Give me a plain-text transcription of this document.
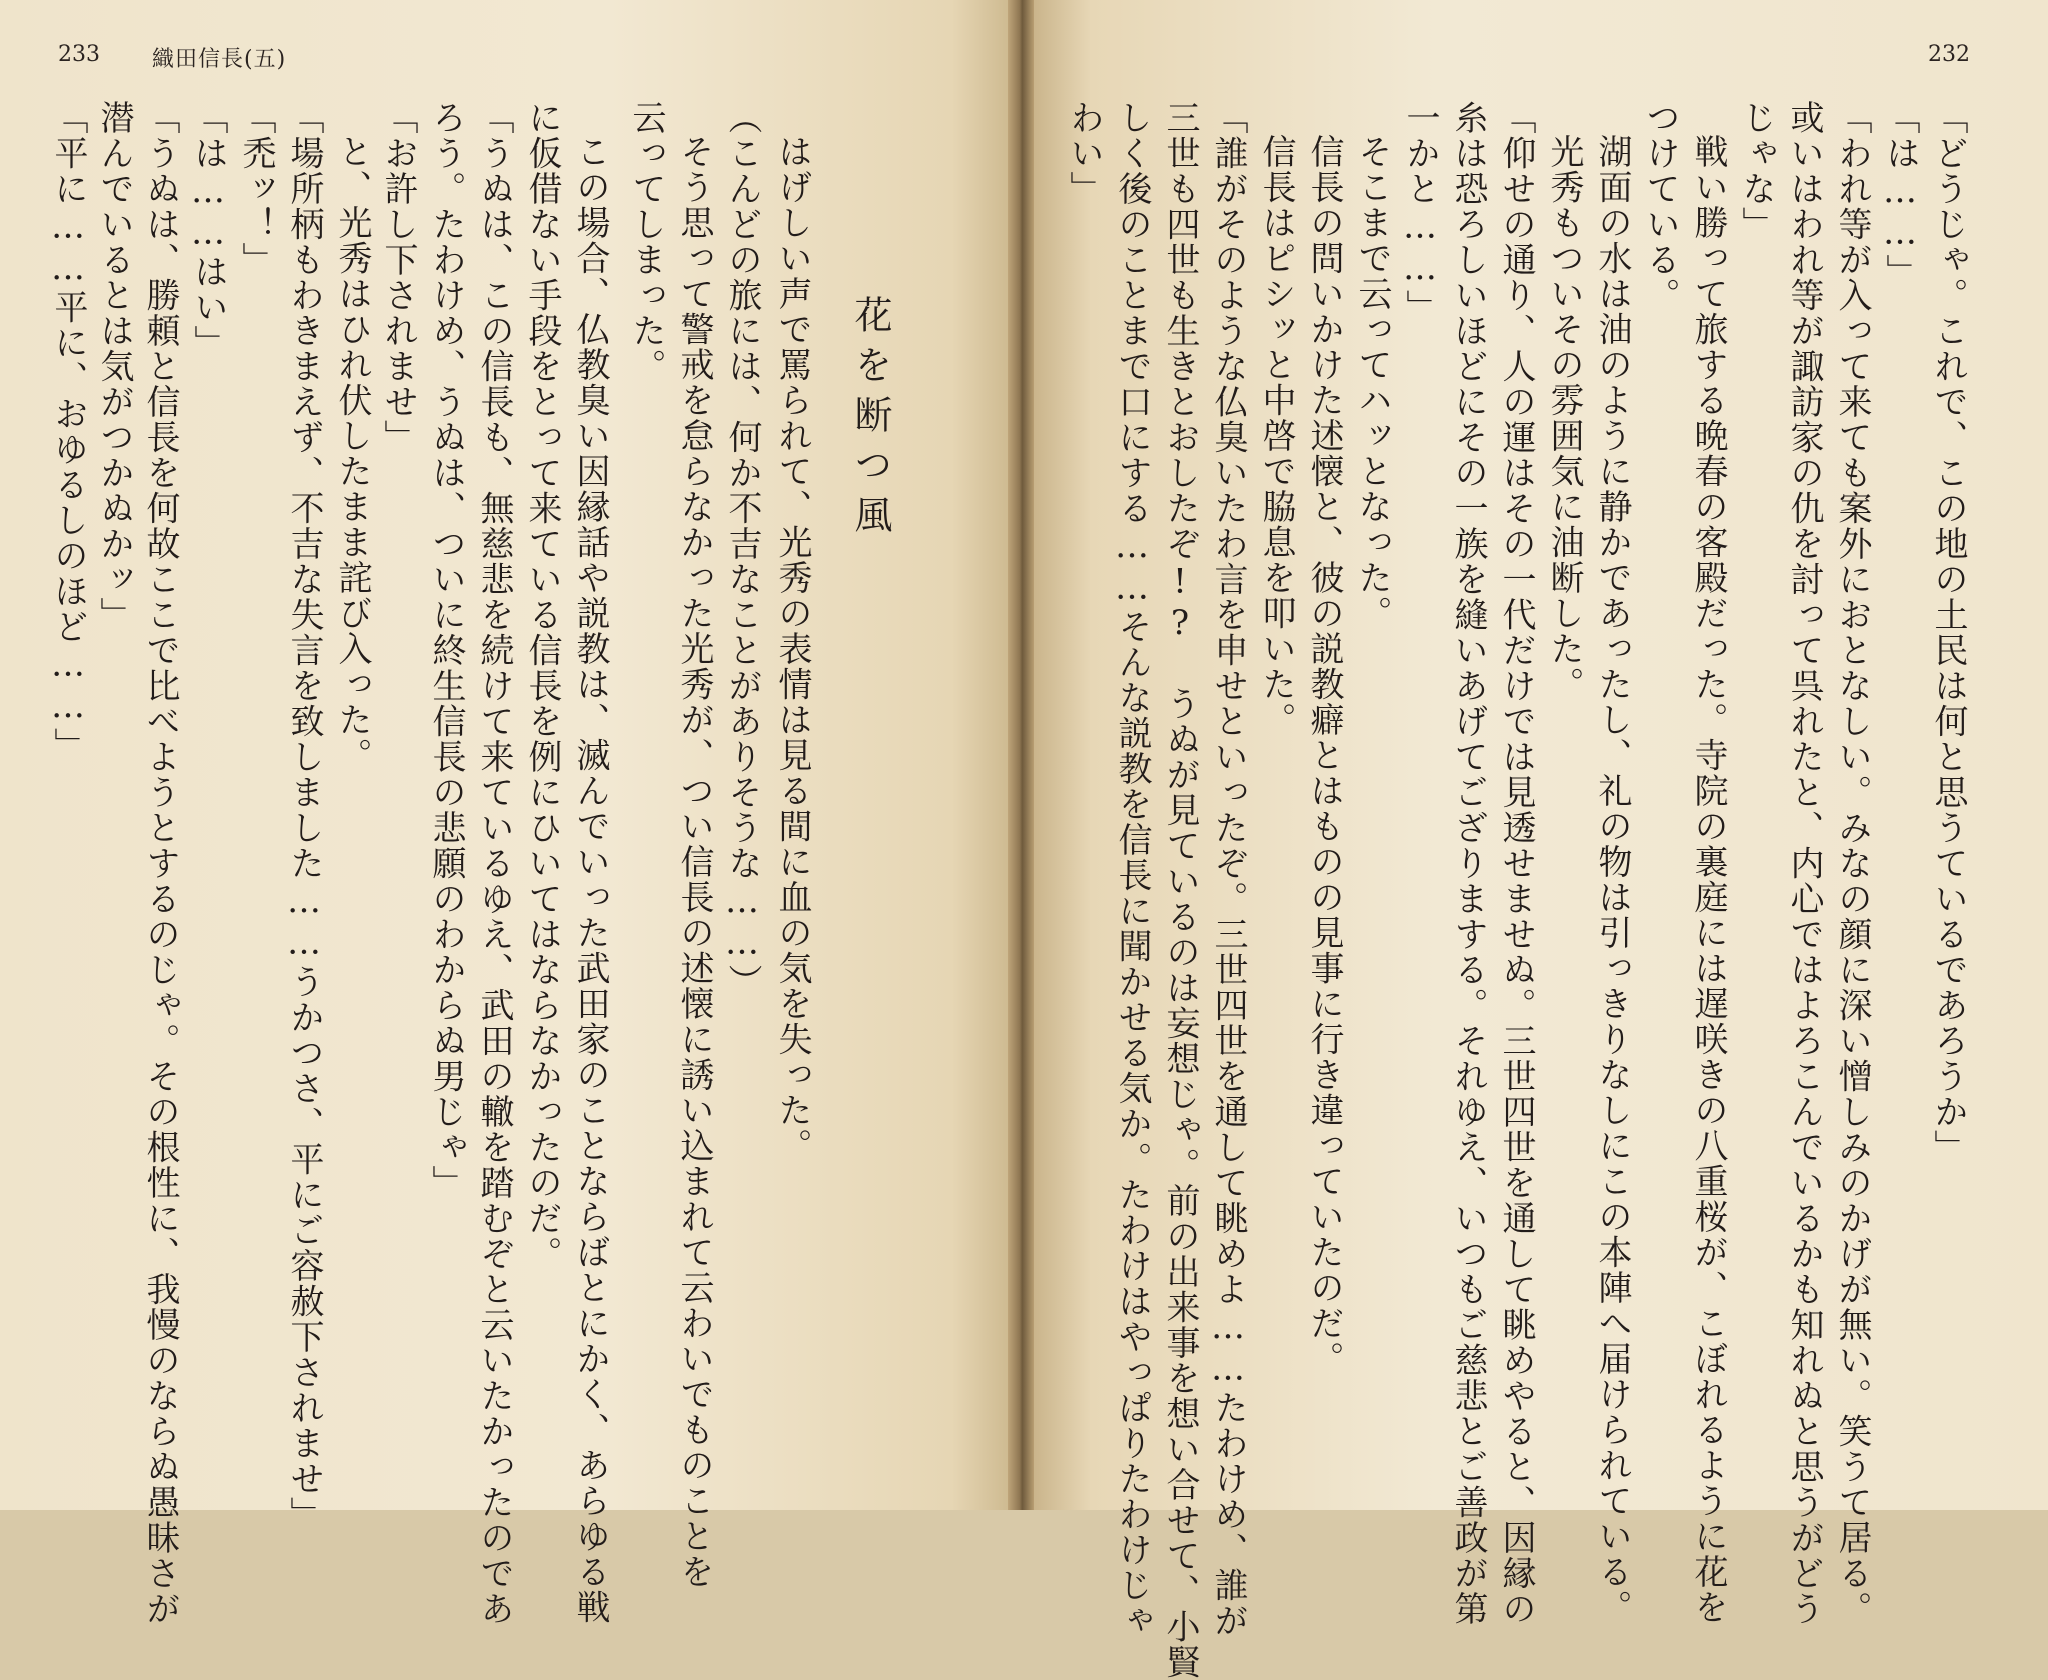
233 織田信長(五)	232
はげしい声で罵られて、光秀の表情は見る間に血の気を失った。 花を断つ風
（こんどの旅には、何か不吉なことがありそうな……）
そう思って警戒を怠らなかった光秀が、つい信長の述懐に誘い込まれて云わいでものことを
云ってしまった。
この場合、仏教臭い因縁話や説教は、滅んでいった武田家のことならばとにかく、あらゆる戦
に仮借ない手段をとって来ている信長を例にひいてはならなかったのだ。
「うぬは、この信長も、無慈悲を続けて来ているゆえ、武田の轍を踏むぞと云いたかったのであ
ろう。たわけめ、うぬは、ついに終生信長の悲願のわからぬ男じゃ」
「お許し下されませ」
と、光秀はひれ伏したまま詫び入った。
「場所柄もわきまえず、不吉な失言を致しました……うかつさ、平にご容赦下されませ」
「禿ッ！」
「は……はい」
「うぬは、勝頼と信長を何故ここで比べようとするのじゃ。その根性に、我慢のならぬ愚昧さが
潜んでいるとは気がつかぬかッ」
「平に……平に、おゆるしのほど……」	「どうじゃ。これで、この地の土民は何と思うているであろうか」
「は……」
「われ等が入って来ても案外におとなしい。みなの顔に深い憎しみのかげが無い。笑うて居る。
或いはわれ等が諏訪家の仇を討って呉れたと、内心ではよろこんでいるかも知れぬと思うがどう
じゃな」
戦い勝って旅する晩春の客殿だった。寺院の裏庭には遅咲きの八重桜が、こぼれるように花を
つけている。
湖面の水は油のように静かであったし、礼の物は引っきりなしにこの本陣へ届けられている。
光秀もついその雰囲気に油断した。
「仰せの通り、人の運はその一代だけでは見透せませぬ。三世四世を通して眺めやると、因縁の
糸は恐ろしいほどにその一族を縫いあげてござりまする。それゆえ、いつもご慈悲とご善政が第
一かと……」
そこまで云ってハッとなった。
信長の問いかけた述懐と、彼の説教癖とはものの見事に行き違っていたのだ。
信長はピシッと中啓で脇息を叩いた。
「誰がそのような仏臭いたわ言を申せといったぞ。三世四世を通して眺めよ……たわけめ、誰が
三世も四世も生きとおしたぞ!? うぬが見ているのは妄想じゃ。前の出来事を想い合せて、小賢
しく後のことまで口にする……そんな説教を信長に聞かせる気か。たわけはやっぱりたわけじゃ
わい」
